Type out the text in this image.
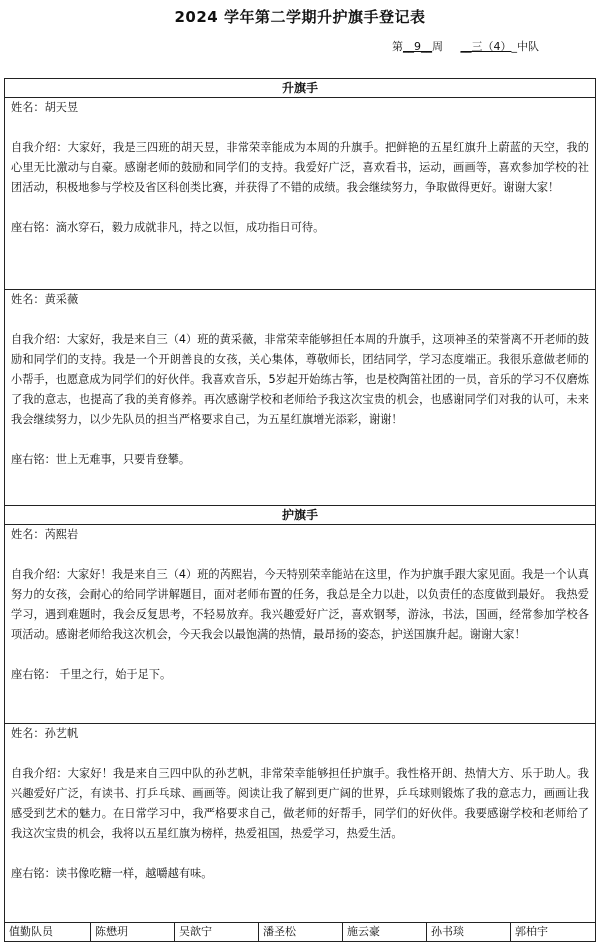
2024 学年第二学期升护旗手登记表
第__9__周 __三（4）_中队
升旗手

姓名：胡天昱

自我介绍：大家好，我是三四班的胡天昱，非常荣幸能成为本周的升旗手。把鲜艳的五星红旗升上蔚蓝的天空，我的心里无比激动与自豪。感谢老师的鼓励和同学们的支持。我爱好广泛，喜欢看书，运动，画画等，喜欢参加学校的社团活动，积极地参与学校及省区科创类比赛，并获得了不错的成绩。我会继续努力，争取做得更好。谢谢大家！

座右铭：滴水穿石，毅力成就非凡，持之以恒，成功指日可待。

姓名：黄采薇

自我介绍：大家好，我是来自三（4）班的黄采薇，非常荣幸能够担任本周的升旗手，这项神圣的荣誉离不开老师的鼓励和同学们的支持。我是一个开朗善良的女孩，关心集体，尊敬师长，团结同学，学习态度端正。我很乐意做老师的小帮手，也愿意成为同学们的好伙伴。我喜欢音乐，5岁起开始练古筝，也是校陶笛社团的一员，音乐的学习不仅磨炼了我的意志，也提高了我的美育修养。再次感谢学校和老师给予我这次宝贵的机会，也感谢同学们对我的认可，未来我会继续努力，以少先队员的担当严格要求自己，为五星红旗增光添彩，谢谢！

座右铭：世上无难事，只要肯登攀。

护旗手

姓名：芮熙岩

自我介绍：大家好！我是来自三（4）班的芮熙岩，今天特别荣幸能站在这里，作为护旗手跟大家见面。我是一个认真努力的女孩，会耐心的给同学讲解题目，面对老师布置的任务，我总是全力以赴，以负责任的态度做到最好。 我热爱学习，遇到难题时，我会反复思考，不轻易放弃。我兴趣爱好广泛，喜欢钢琴，游泳，书法，国画，经常参加学校各项活动。感谢老师给我这次机会，今天我会以最饱满的热情，最昂扬的姿态，护送国旗升起。谢谢大家！

座右铭： 千里之行，始于足下。

姓名：孙艺帆

自我介绍：大家好！我是来自三四中队的孙艺帆，非常荣幸能够担任护旗手。我性格开朗、热情大方、乐于助人。我兴趣爱好广泛，有读书、打乒乓球、画画等。阅读让我了解到更广阔的世界，乒乓球则锻炼了我的意志力，画画让我感受到艺术的魅力。在日常学习中，我严格要求自己，做老师的好帮手，同学们的好伙伴。我要感谢学校和老师给了我这次宝贵的机会，我将以五星红旗为榜样，热爱祖国，热爱学习，热爱生活。

座右铭：读书像吃糖一样，越嚼越有味。

值勤队员	陈懋玥	吴歆宁	潘圣松	施云豪	孙书琰	郭柏宇
